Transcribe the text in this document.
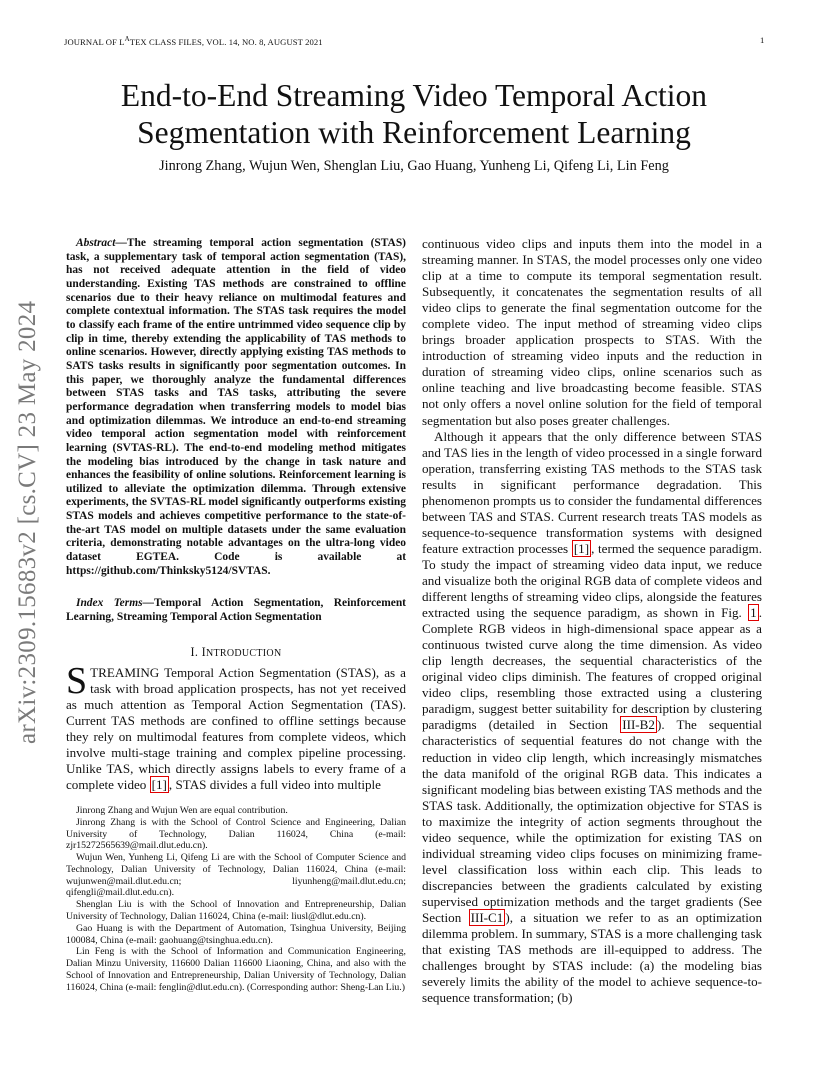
JOURNAL OF $L^ATEX$ CLASS FILES, VOL. 14, NO. 8, AUGUST 2021	1
arXiv:2309.15683v2 [cs.CV] 23 May 2024
End-to-End Streaming Video Temporal Action
Segmentation with Reinforcement Learning
Jinrong Zhang, Wujun Wen, Shenglan Liu, Gao Huang, Yunheng Li, Qifeng Li, Lin Feng

Abstract—The streaming temporal action segmentation (STAS) task, a supplementary task of temporal action segmentation (TAS), has not received adequate attention in the field of video understanding. Existing TAS methods are constrained to offline scenarios due to their heavy reliance on multimodal features and complete contextual information. The STAS task requires the model to classify each frame of the entire untrimmed video sequence clip by clip in time, thereby extending the applicability of TAS methods to online scenarios. However, directly applying existing TAS methods to SATS tasks results in significantly poor segmentation outcomes. In this paper, we thoroughly analyze the fundamental differences between STAS tasks and TAS tasks, attributing the severe performance degradation when transferring models to model bias and optimization dilemmas. We introduce an end-to-end streaming video temporal action segmentation model with reinforcement learning (SVTAS-RL). The end-to-end modeling method mitigates the modeling bias introduced by the change in task nature and enhances the feasibility of online solutions. Reinforcement learning is utilized to alleviate the optimization dilemma. Through extensive experiments, the SVTAS-RL model significantly outperforms existing STAS models and achieves competitive performance to the state-of-the-art TAS model on multiple datasets under the same evaluation criteria, demonstrating notable advantages on the ultra-long video dataset EGTEA. Code is available at https://github.com/Thinksky5124/SVTAS.

Index Terms—Temporal Action Segmentation, Reinforcement Learning, Streaming Temporal Action Segmentation

I. INTRODUCTION

STREAMING Temporal Action Segmentation (STAS), as a task with broad application prospects, has not yet received as much attention as Temporal Action Segmentation (TAS). Current TAS methods are confined to offline settings because they rely on multimodal features from complete videos, which involve multi-stage training and complex pipeline processing. Unlike TAS, which directly assigns labels to every frame of a complete video [1] , STAS divides a full video into multiple

Jinrong Zhang and Wujun Wen are equal contribution.

Jinrong Zhang is with the School of Control Science and Engineering, Dalian University of Technology, Dalian 116024, China (e-mail: zjr15272565639@mail.dlut.edu.cn).

Wujun Wen, Yunheng Li, Qifeng Li are with the School of Computer Science and Technology, Dalian University of Technology, Dalian 116024, China (e-mail: wujunwen@mail.dlut.edu.cn; liyunheng@mail.dlut.edu.cn; qifengli@mail.dlut.edu.cn).

Shenglan Liu is with the School of Innovation and Entrepreneurship, Dalian University of Technology, Dalian 116024, China (e-mail: liusl@dlut.edu.cn).

Gao Huang is with the Department of Automation, Tsinghua University, Beijing 100084, China (e-mail: gaohuang@tsinghua.edu.cn).

Lin Feng is with the School of Information and Communication Engineering, Dalian Minzu University, 116600 Dalian 116600 Liaoning, China, and also with the School of Innovation and Entrepreneurship, Dalian University of Technology, Dalian 116024, China (e-mail: fenglin@dlut.edu.cn). (Corresponding author: Sheng-Lan Liu.)

continuous video clips and inputs them into the model in a streaming manner. In STAS, the model processes only one video clip at a time to compute its temporal segmentation result. Subsequently, it concatenates the segmentation results of all video clips to generate the final segmentation outcome for the complete video. The input method of streaming video clips brings broader application prospects to STAS. With the introduction of streaming video inputs and the reduction in duration of streaming video clips, online scenarios such as online teaching and live broadcasting become feasible. STAS not only offers a novel online solution for the field of temporal segmentation but also poses greater challenges.

Although it appears that the only difference between STAS and TAS lies in the length of video processed in a single forward operation, transferring existing TAS methods to the STAS task results in significant performance degradation. This phenomenon prompts us to consider the fundamental differences between TAS and STAS. Current research treats TAS models as sequence-to-sequence transformation systems with designed feature extraction processes [1] , termed the sequence paradigm. To study the impact of streaming video data input, we reduce and visualize both the original RGB data of complete videos and different lengths of streaming video clips, alongside the features extracted using the sequence paradigm, as shown in Fig. 1 . Complete RGB videos in high-dimensional space appear as a continuous twisted curve along the time dimension. As video clip length decreases, the sequential characteristics of the original video clips diminish. The features of cropped original video clips, resembling those extracted using a clustering paradigm, suggest better suitability for description by clustering paradigms (detailed in Section III-B2 ). The sequential characteristics of sequential features do not change with the reduction in video clip length, which increasingly mismatches the data manifold of the original RGB data. This indicates a significant modeling bias between existing TAS methods and the STAS task. Additionally, the optimization objective for STAS is to maximize the integrity of action segments throughout the video sequence, while the optimization for existing TAS on individual streaming video clips focuses on minimizing frame-level classification loss within each clip. This leads to discrepancies between the gradients calculated by existing supervised optimization methods and the target gradients (See Section III-C1 ), a situation we refer to as an optimization dilemma problem. In summary, STAS is a more challenging task that existing TAS methods are ill-equipped to address. The challenges brought by STAS include: (a) the modeling bias severely limits the ability of the model to achieve sequence-to-sequence transformation; (b)
